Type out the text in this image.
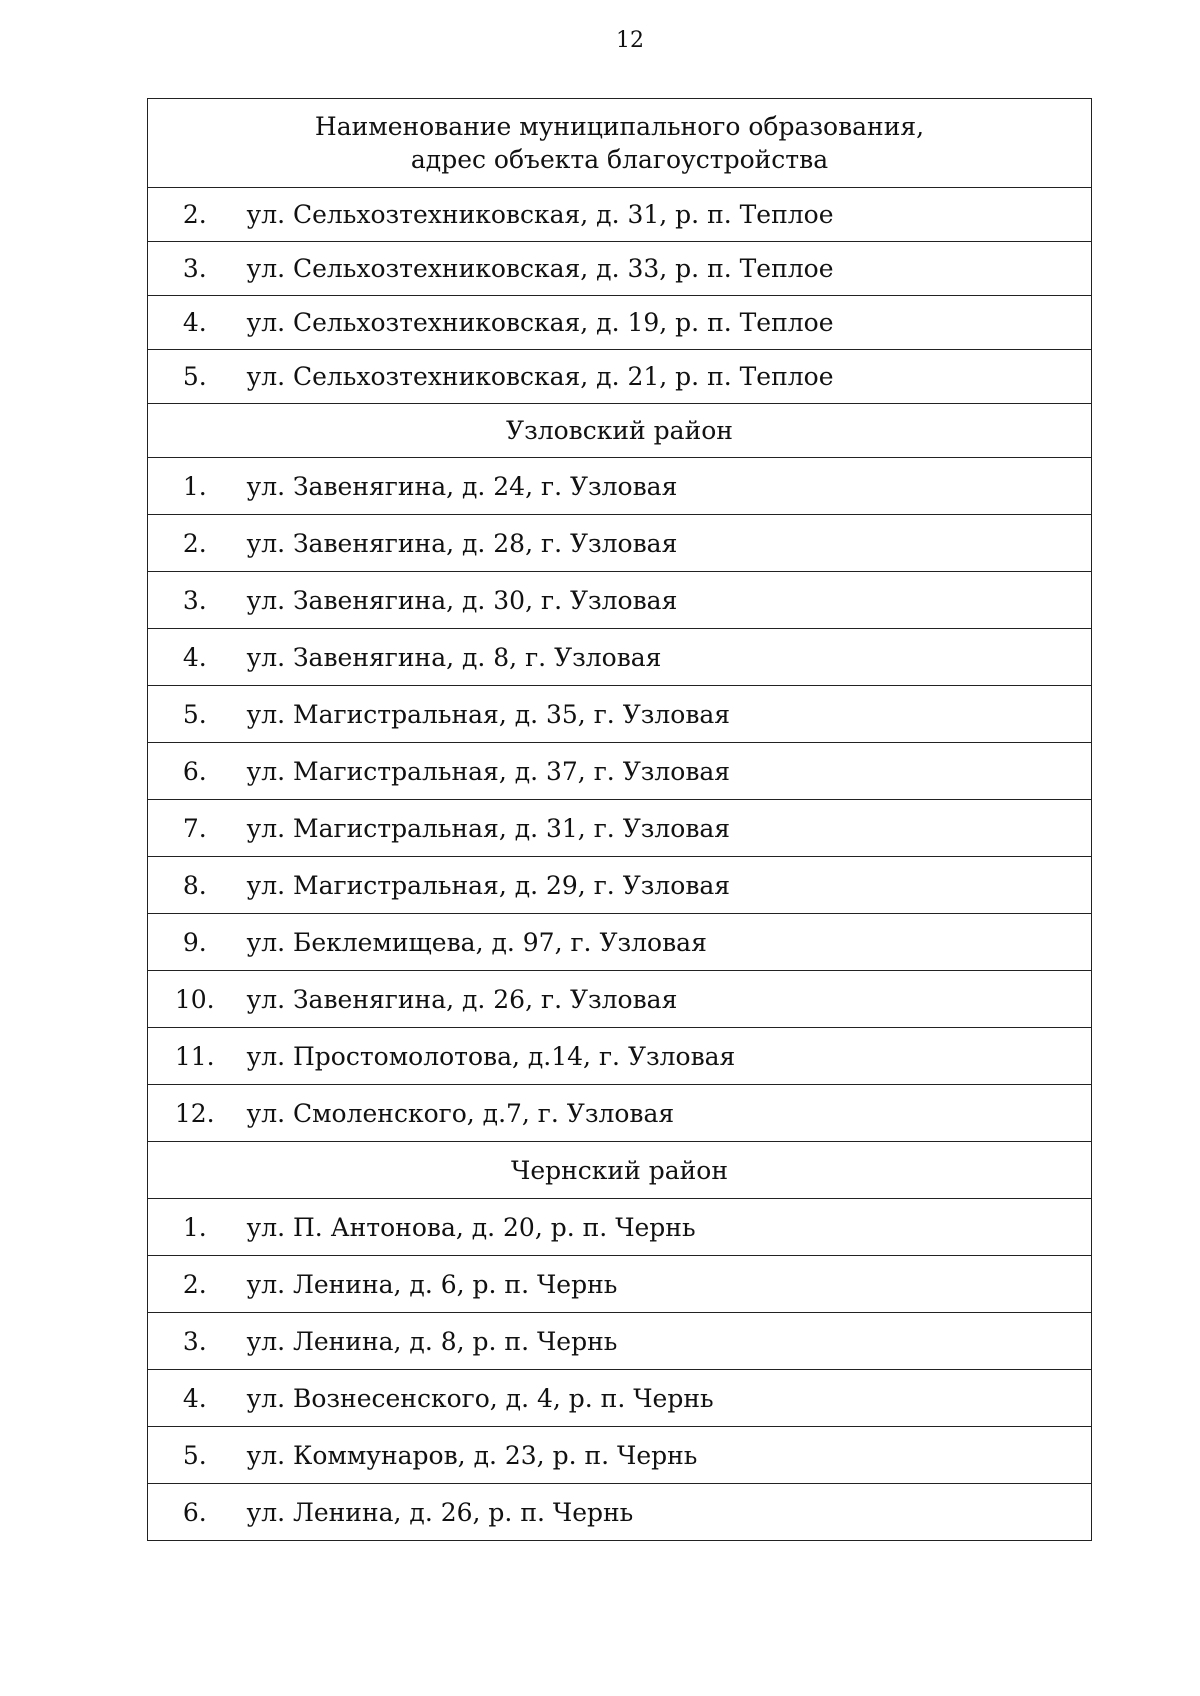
12
Наименование муниципального образования,
адрес объекта благоустройства	

2.	ул. Сельхозтехниковская, д. 31, р. п. Теплое
3.	ул. Сельхозтехниковская, д. 33, р. п. Теплое
4.	ул. Сельхозтехниковская, д. 19, р. п. Теплое
5.	ул. Сельхозтехниковская, д. 21, р. п. Теплое
Узловский район	
1.	ул. Завенягина, д. 24, г. Узловая
2.	ул. Завенягина, д. 28, г. Узловая
3.	ул. Завенягина, д. 30, г. Узловая
4.	ул. Завенягина, д. 8, г. Узловая
5.	ул. Магистральная, д. 35, г. Узловая
6.	ул. Магистральная, д. 37, г. Узловая
7.	ул. Магистральная, д. 31, г. Узловая
8.	ул. Магистральная, д. 29, г. Узловая
9.	ул. Беклемищева, д. 97, г. Узловая
10.	ул. Завенягина, д. 26, г. Узловая
11.	ул. Простомолотова, д.14, г. Узловая
12.	ул. Смоленского, д.7, г. Узловая
Чернский район	
1.	ул. П. Антонова, д. 20, р. п. Чернь
2.	ул. Ленина, д. 6, р. п. Чернь
3.	ул. Ленина, д. 8, р. п. Чернь
4.	ул. Вознесенского, д. 4, р. п. Чернь
5.	ул. Коммунаров, д. 23, р. п. Чернь
6.	ул. Ленина, д. 26, р. п. Чернь
